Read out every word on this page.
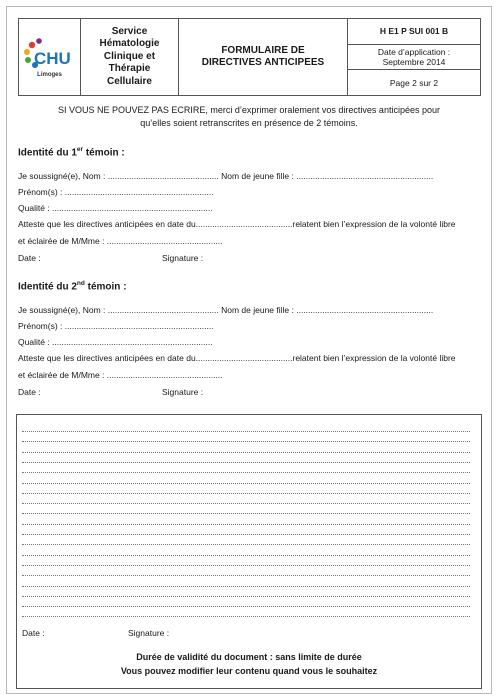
CHU
Limoges
Service
Hématologie
Clinique et
Thérapie
Cellulaire
FORMULAIRE DE
DIRECTIVES ANTICIPEES
H E1 P SUI 001 B
Date d’application :
Septembre 2014
Page 2 sur 2
SI VOUS NE POUVEZ PAS ECRIRE, merci d’exprimer oralement vos directives anticipées pour
qu’elles soient retranscrites en présence de 2 témoins.
Identité du 1er témoin :
Je soussigné(e), Nom : ............................................... Nom de jeune fille : ..........................................................
Prénom(s) : ...............................................................
Qualité : ....................................................................
Atteste que les directives anticipées en date du.........................................relatent bien l’expression de la volonté libre
et éclairée de M/Mme : .................................................
Date :	Signature :
Identité du 2nd témoin :
Je soussigné(e), Nom : ............................................... Nom de jeune fille : ..........................................................
Prénom(s) : ...............................................................
Qualité : ....................................................................
Atteste que les directives anticipées en date du.........................................relatent bien l’expression de la volonté libre
et éclairée de M/Mme : .................................................
Date :	Signature :
Date :	Signature :
Durée de validité du document : sans limite de durée
Vous pouvez modifier leur contenu quand vous le souhaitez
